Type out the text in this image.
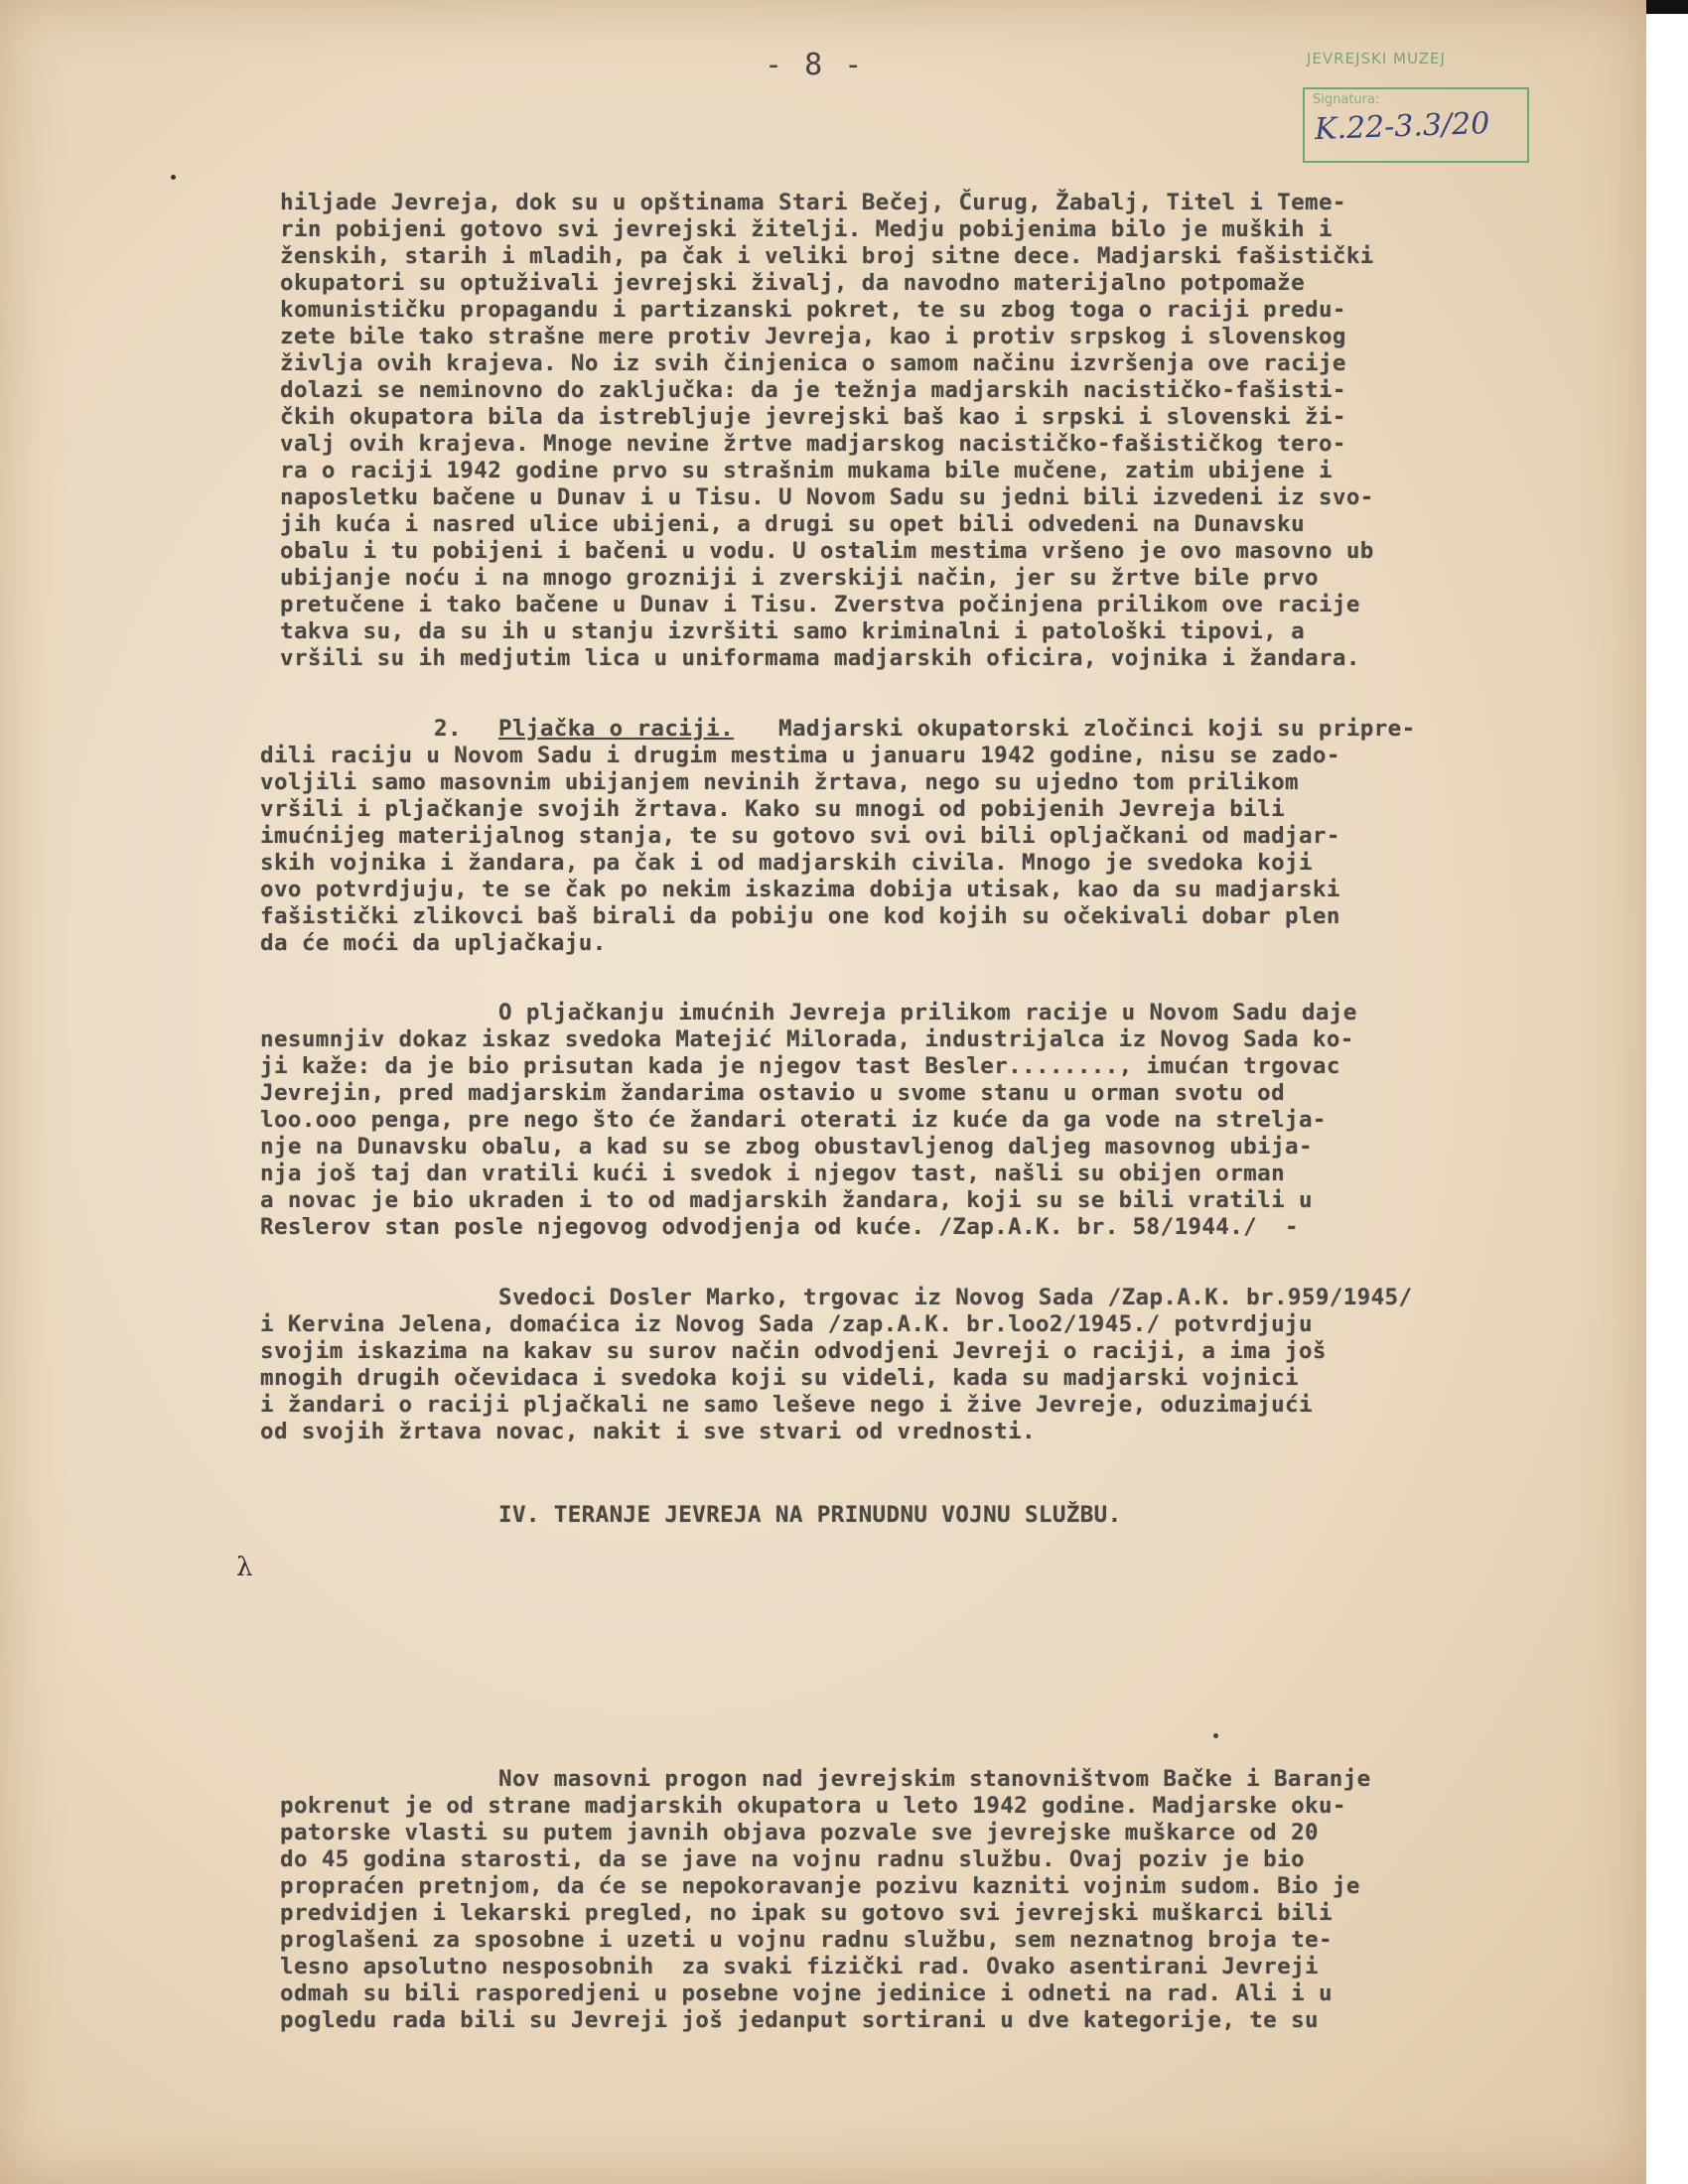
- 8 -	JEVREJSKI MUZEJ
Signatura:
K.22-3.3/20
hiljade Jevreja, dok su u opštinama Stari Bečej, Čurug, Žabalj, Titel i Teme-
rin pobijeni gotovo svi jevrejski žitelji. Medju pobijenima bilo je muških i
ženskih, starih i mladih, pa čak i veliki broj sitne dece. Madjarski fašistički
okupatori su optuživali jevrejski živalj, da navodno materijalno potpomaže
komunističku propagandu i partizanski pokret, te su zbog toga o raciji predu-
zete bile tako strašne mere protiv Jevreja, kao i protiv srpskog i slovenskog
življa ovih krajeva. No iz svih činjenica o samom načinu izvršenja ove racije
dolazi se neminovno do zaključka: da je težnja madjarskih nacističko-fašisti-
čkih okupatora bila da istrebljuje jevrejski baš kao i srpski i slovenski ži-
valj ovih krajeva. Mnoge nevine žrtve madjarskog nacističko-fašističkog tero-
ra o raciji 1942 godine prvo su strašnim mukama bile mučene, zatim ubijene i
naposletku bačene u Dunav i u Tisu. U Novom Sadu su jedni bili izvedeni iz svo-
jih kuća i nasred ulice ubijeni, a drugi su opet bili odvedeni na Dunavsku
obalu i tu pobijeni i bačeni u vodu. U ostalim mestima vršeno je ovo masovno ub
ubijanje noću i na mnogo grozniji i zverskiji način, jer su žrtve bile prvo
pretučene i tako bačene u Dunav i Tisu. Zverstva počinjena prilikom ove racije
takva su, da su ih u stanju izvršiti samo kriminalni i patološki tipovi, a
vršili su ih medjutim lica u uniformama madjarskih oficira, vojnika i žandara.
2. Pljačka o raciji. Madjarski okupatorski zločinci koji su pripre-
dili raciju u Novom Sadu i drugim mestima u januaru 1942 godine, nisu se zado-
voljili samo masovnim ubijanjem nevinih žrtava, nego su ujedno tom prilikom
vršili i pljačkanje svojih žrtava. Kako su mnogi od pobijenih Jevreja bili
imućnijeg materijalnog stanja, te su gotovo svi ovi bili opljačkani od madjar-
skih vojnika i žandara, pa čak i od madjarskih civila. Mnogo je svedoka koji
ovo potvrdjuju, te se čak po nekim iskazima dobija utisak, kao da su madjarski
fašistički zlikovci baš birali da pobiju one kod kojih su očekivali dobar plen
da će moći da upljačkaju.
O pljačkanju imućnih Jevreja prilikom racije u Novom Sadu daje
nesumnjiv dokaz iskaz svedoka Matejić Milorada, industrijalca iz Novog Sada ko-
ji kaže: da je bio prisutan kada je njegov tast Besler........, imućan trgovac
Jevrejin, pred madjarskim žandarima ostavio u svome stanu u orman svotu od
loo.ooo penga, pre nego što će žandari oterati iz kuće da ga vode na strelja-
nje na Dunavsku obalu, a kad su se zbog obustavljenog daljeg masovnog ubija-
nja još taj dan vratili kući i svedok i njegov tast, našli su obijen orman
a novac je bio ukraden i to od madjarskih žandara, koji su se bili vratili u
Reslerov stan posle njegovog odvodjenja od kuće. /Zap.A.K. br. 58/1944./  -
Svedoci Dosler Marko, trgovac iz Novog Sada /Zap.A.K. br.959/1945/
i Kervina Jelena, domaćica iz Novog Sada /zap.A.K. br.loo2/1945./ potvrdjuju
svojim iskazima na kakav su surov način odvodjeni Jevreji o raciji, a ima još
mnogih drugih očevidaca i svedoka koji su videli, kada su madjarski vojnici
i žandari o raciji pljačkali ne samo leševe nego i žive Jevreje, oduzimajući
od svojih žrtava novac, nakit i sve stvari od vrednosti.
λ
IV. TERANJE JEVREJA NA PRINUDNU VOJNU SLUŽBU.
Nov masovni progon nad jevrejskim stanovništvom Bačke i Baranje
pokrenut je od strane madjarskih okupatora u leto 1942 godine. Madjarske oku-
patorske vlasti su putem javnih objava pozvale sve jevrejske muškarce od 20
do 45 godina starosti, da se jave na vojnu radnu službu. Ovaj poziv je bio
propraćen pretnjom, da će se nepokoravanje pozivu kazniti vojnim sudom. Bio je
predvidjen i lekarski pregled, no ipak su gotovo svi jevrejski muškarci bili
proglašeni za sposobne i uzeti u vojnu radnu službu, sem neznatnog broja te-
lesno apsolutno nesposobnih  za svaki fizički rad. Ovako asentirani Jevreji
odmah su bili rasporedjeni u posebne vojne jedinice i odneti na rad. Ali i u
pogledu rada bili su Jevreji još jedanput sortirani u dve kategorije, te su
